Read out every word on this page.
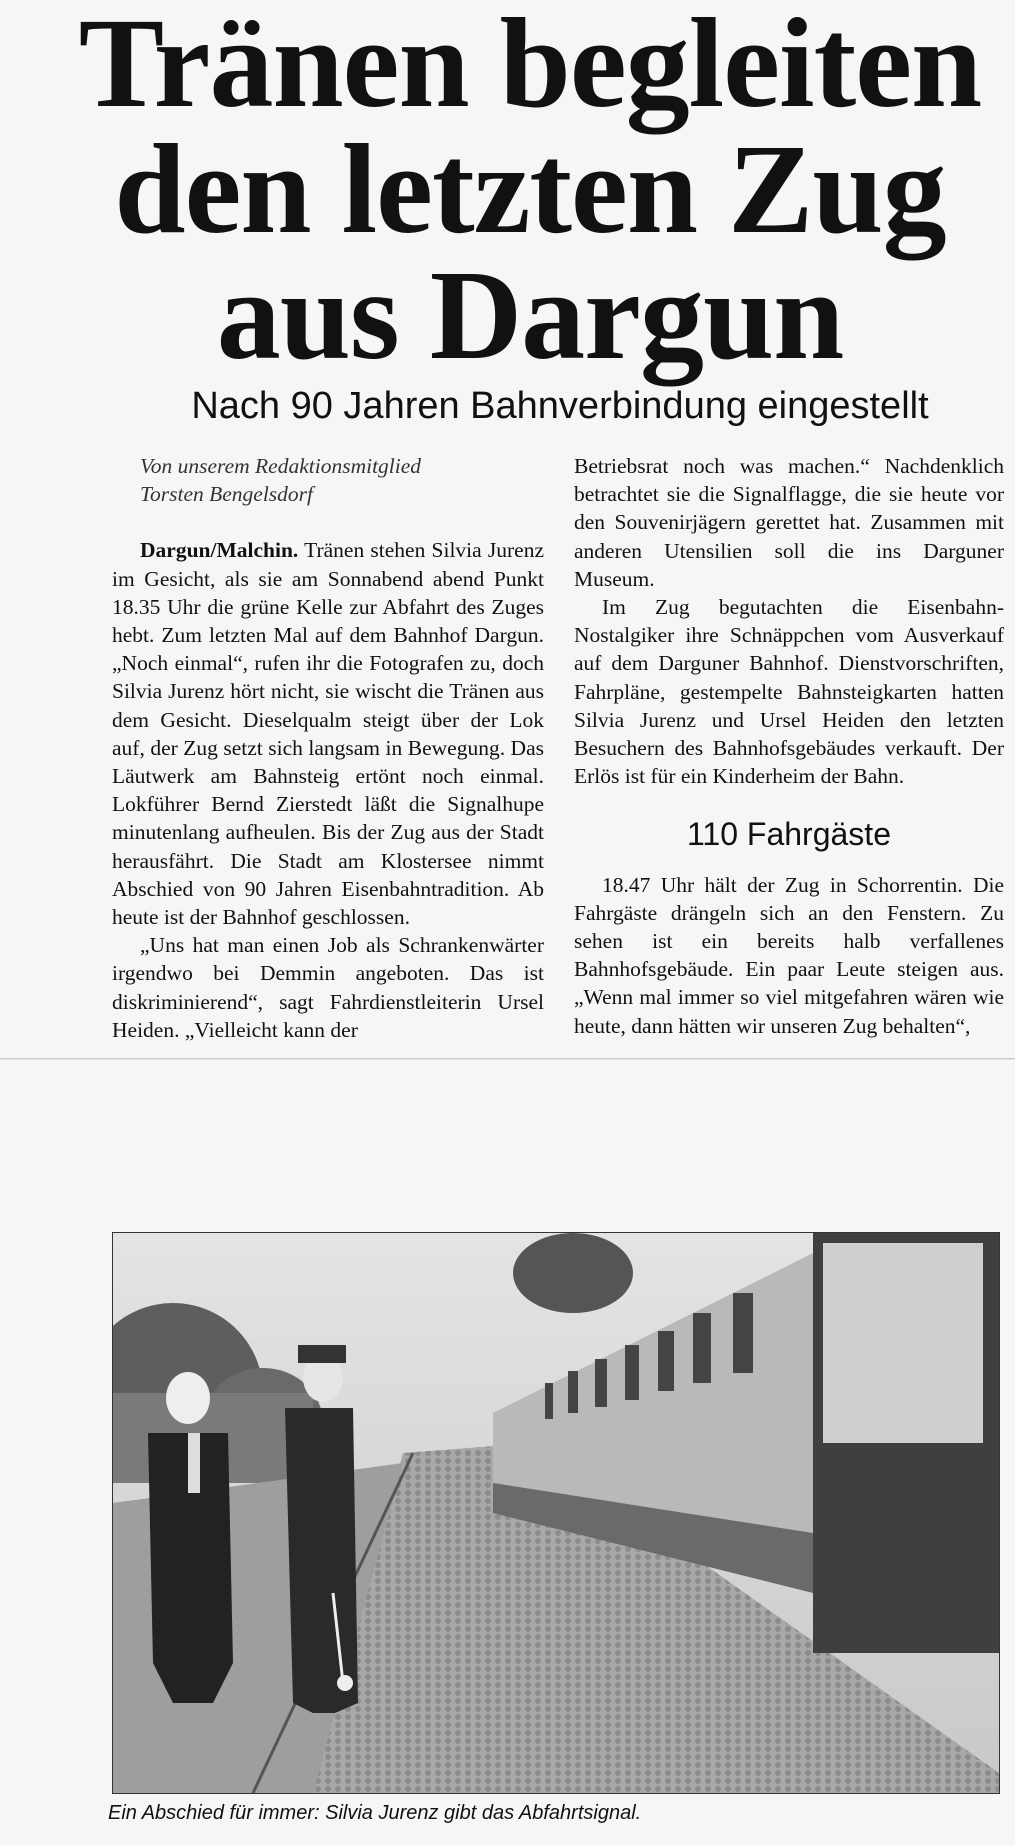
Tränen begleiten
den letzten Zug
aus Dargun
Nach 90 Jahren Bahnverbindung eingestellt
Von unserem Redaktionsmitglied
Torsten Bengelsdorf

Dargun/Malchin. Tränen stehen Silvia Jurenz im Gesicht, als sie am Sonnabend abend Punkt 18.35 Uhr die grüne Kelle zur Abfahrt des Zuges hebt. Zum letzten Mal auf dem Bahnhof Dargun. „Noch einmal“, rufen ihr die Fotografen zu, doch Silvia Jurenz hört nicht, sie wischt die Tränen aus dem Gesicht. Dieselqualm steigt über der Lok auf, der Zug setzt sich langsam in Bewegung. Das Läutwerk am Bahnsteig ertönt noch einmal. Lokführer Bernd Zierstedt läßt die Signalhupe minutenlang aufheulen. Bis der Zug aus der Stadt herausfährt. Die Stadt am Klostersee nimmt Abschied von 90 Jahren Eisenbahntradition. Ab heute ist der Bahnhof geschlossen.

„Uns hat man einen Job als Schrankenwärter irgendwo bei Demmin angeboten. Das ist diskriminierend“, sagt Fahrdienstleiterin Ursel Heiden. „Vielleicht kann der

Betriebsrat noch was machen.“ Nachdenklich betrachtet sie die Signalflagge, die sie heute vor den Souvenirjägern gerettet hat. Zusammen mit anderen Utensilien soll die ins Darguner Museum.

Im Zug begutachten die Eisenbahn-Nostalgiker ihre Schnäppchen vom Ausverkauf auf dem Darguner Bahnhof. Dienstvorschriften, Fahrpläne, gestempelte Bahnsteigkarten hatten Silvia Jurenz und Ursel Heiden den letzten Besuchern des Bahnhofsgebäudes verkauft. Der Erlös ist für ein Kinderheim der Bahn.

110 Fahrgäste

18.47 Uhr hält der Zug in Schorrentin. Die Fahrgäste drängeln sich an den Fenstern. Zu sehen ist ein bereits halb verfallenes Bahnhofsgebäude. Ein paar Leute steigen aus. „Wenn mal immer so viel mitgefahren wären wie heute, dann hätten wir unseren Zug behalten“,

Ein Abschied für immer: Silvia Jurenz gibt das Abfahrtsignal.
